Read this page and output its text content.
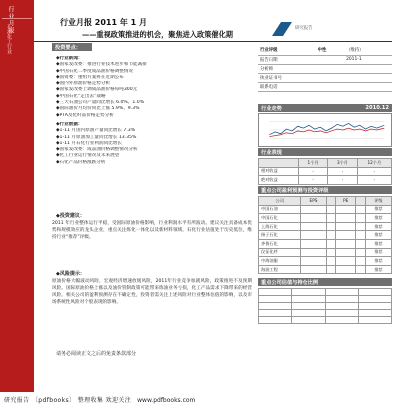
行业月报
石油化工行业
行业月报 2011 年 1 月
——重视政策推进的机会，聚焦进入政策催化期
研究报告
投资要点：
◆行业新闻：
◆国家发改委：推进行业技术进步和节能减排
◆中国石化二季度成品油价格调整情况
◆国资委：重组方案将在近期公布
◆国内外原油价格走势分析
◆国家发改委上调成品油价格每吨300元
◆中国石化“走出去”战略
◆三大石油公司产量同比增长 6.0%、1.0%
◆国际油价月均价同比上涨 5.9%、9.3%
◆PTA及化纤品价格走势分析
◆行业数据：
◆1-11 月国内原油产量同比增长 7.3%
◆1-11 月原油加工量同比增长 13.35%
◆1-11 月石化行业利润同比增长
◆国家发改委：成品油价格调整情况分析
◆化工行业运行情况及未来展望
◆石化产品价格涨跌分析
◆投资建议：
2011 年行业整体运行平稳，受国际原油价格影响，行业利润水平有所波动。建议关注具备成本优势和规模效应的龙头企业，重点关注炼化一体化以及新材料领域，石化行业估值处于历史低位，维持行业“推荐”评级。
◆风险提示：
原油价格大幅波动风险，宏观经济增速放缓风险，2011年行业竞争加剧风险，政策推进不及预期风险。国际原油价格上涨以及油价管制政策可能带来炼油业务亏损，化工产品需求下降带来的经营风险。相关公司的盈利预测存在不确定性，投资者需关注上述风险对行业整体估值的影响，以及市场系统性风险对个股表现的影响。
请务必阅读正文之后的免责条款部分
行业评级	中性	（维持）
报告日期		2011-1
分析师		
执业证书号		
联系电话		
行业走势	2010.12
行业表现
	1个月	3个月	12个月
相对收益	-	-	-
绝对收益	-	-	-
重点公司盈利预测与投资评级
公司	EPS		PE		评级
中国石油					推荐
中国石化					推荐
上海石化					推荐
扬子石化					推荐
齐鲁石化					推荐
仪征化纤					推荐
中海油服					推荐
海油工程					推荐
重点公司估值与持仓比例

研究报告 〔pdfbooks〕 整理收集 欢迎关注 www.pdfbooks.com
